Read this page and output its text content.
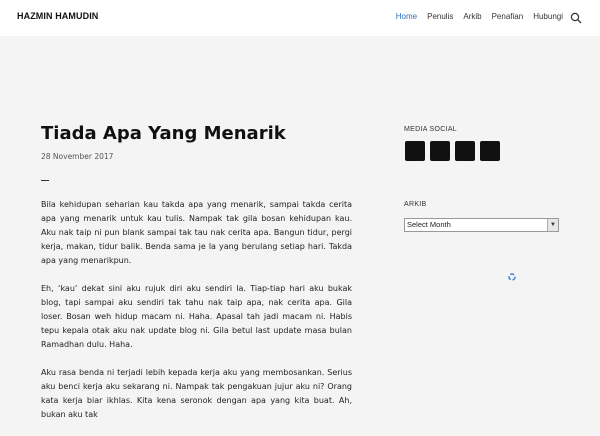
HAZMIN HAMUDIN	Home Penulis Arkib Penafian Hubungi
Tiada Apa Yang Menarik
28 November 2017

Bila kehidupan seharian kau takda apa yang menarik, sampai takda cerita apa yang menarik untuk kau tulis. Nampak tak gila bosan kehidupan kau. Aku nak taip ni pun blank sampai tak tau nak cerita apa. Bangun tidur, pergi kerja, makan, tidur balik. Benda sama je la yang berulang setiap hari. Takda apa yang menarikpun.

Eh, ‘kau’ dekat sini aku rujuk diri aku sendiri la. Tiap-tiap hari aku bukak blog, tapi sampai aku sendiri tak tahu nak taip apa, nak cerita apa. Gila loser. Bosan weh hidup macam ni. Haha. Apasal tah jadi macam ni. Habis tepu kepala otak aku nak update blog ni. Gila betul last update masa bulan Ramadhan dulu. Haha.

Aku rasa benda ni terjadi lebih kepada kerja aku yang membosankan. Serius aku benci kerja aku sekarang ni. Nampak tak pengakuan jujur aku ni? Orang kata kerja biar ikhlas. Kita kena seronok dengan apa yang kita buat. Ah, bukan aku tak

MEDIA SOCIAL
ARKIB
Select Month	▼
